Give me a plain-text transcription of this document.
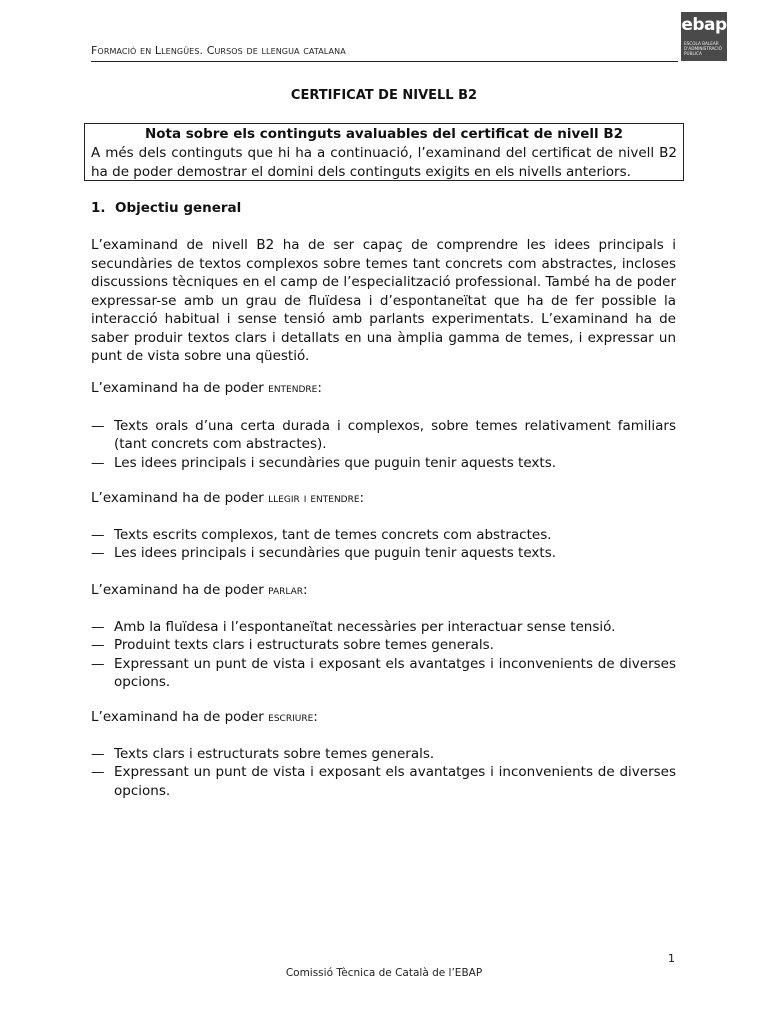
Formació en Llengües. Cursos de llengua catalana
ebap
ESCOLA BALEAR D'ADMINISTRACIÓ PÚBLICA
CERTIFICAT DE NIVELL B2
Nota sobre els continguts avaluables del certificat de nivell B2
A més dels continguts que hi ha a continuació, l’examinand del certificat de nivell B2 ha de poder demostrar el domini dels continguts exigits en els nivells anteriors.
1. Objectiu general
L’examinand de nivell B2 ha de ser capaç de comprendre les idees principals i secundàries de textos complexos sobre temes tant concrets com abstractes, incloses discussions tècniques en el camp de l’especialització professional. També ha de poder expressar-se amb un grau de fluïdesa i d’espontaneïtat que ha de fer possible la interacció habitual i sense tensió amb parlants experimentats. L’examinand ha de saber produir textos clars i detallats en una àmplia gamma de temes, i expressar un punt de vista sobre una qüestió.
L’examinand ha de poder entendre:
— Texts orals d’una certa durada i complexos, sobre temes relativament familiars (tant concrets com abstractes).
— Les idees principals i secundàries que puguin tenir aquests texts.
L’examinand ha de poder llegir i entendre:
— Texts escrits complexos, tant de temes concrets com abstractes.
— Les idees principals i secundàries que puguin tenir aquests texts.
L’examinand ha de poder parlar:
— Amb la fluïdesa i l’espontaneïtat necessàries per interactuar sense tensió.
— Produint texts clars i estructurats sobre temes generals.
— Expressant un punt de vista i exposant els avantatges i inconvenients de diverses opcions.
L’examinand ha de poder escriure:
— Texts clars i estructurats sobre temes generals.
— Expressant un punt de vista i exposant els avantatges i inconvenients de diverses opcions.
1
Comissió Tècnica de Català de l’EBAP
